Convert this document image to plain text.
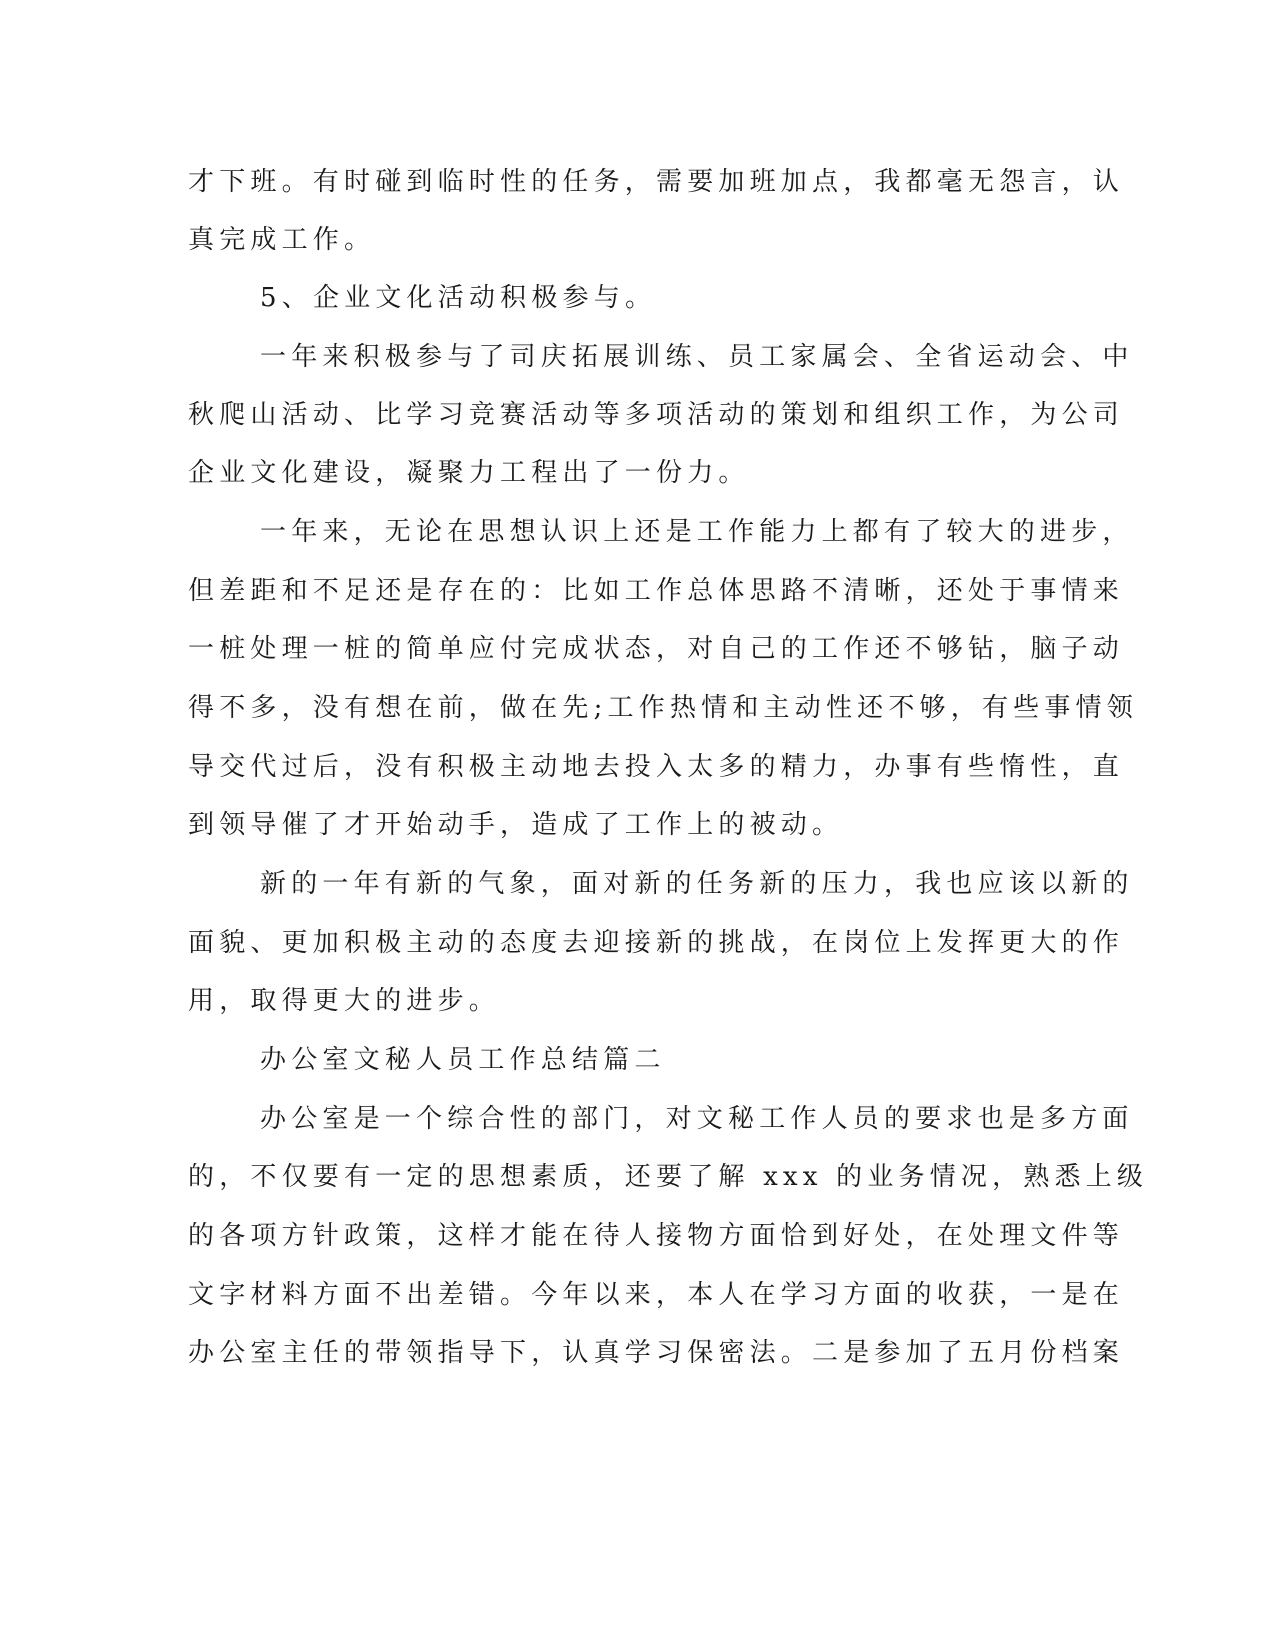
才下班。有时碰到临时性的任务，需要加班加点，我都毫无怨言，认

真完成工作。

5、企业文化活动积极参与。

一年来积极参与了司庆拓展训练、员工家属会、全省运动会、中

秋爬山活动、比学习竞赛活动等多项活动的策划和组织工作，为公司

企业文化建设，凝聚力工程出了一份力。

一年来，无论在思想认识上还是工作能力上都有了较大的进步，

但差距和不足还是存在的：比如工作总体思路不清晰，还处于事情来

一桩处理一桩的简单应付完成状态，对自己的工作还不够钻，脑子动

得不多，没有想在前，做在先;工作热情和主动性还不够，有些事情领

导交代过后，没有积极主动地去投入太多的精力，办事有些惰性，直

到领导催了才开始动手，造成了工作上的被动。

新的一年有新的气象，面对新的任务新的压力，我也应该以新的

面貌、更加积极主动的态度去迎接新的挑战，在岗位上发挥更大的作

用，取得更大的进步。

办公室文秘人员工作总结篇二

办公室是一个综合性的部门，对文秘工作人员的要求也是多方面

的，不仅要有一定的思想素质，还要了解 xxx 的业务情况，熟悉上级

的各项方针政策，这样才能在待人接物方面恰到好处，在处理文件等

文字材料方面不出差错。今年以来，本人在学习方面的收获，一是在

办公室主任的带领指导下，认真学习保密法。二是参加了五月份档案
